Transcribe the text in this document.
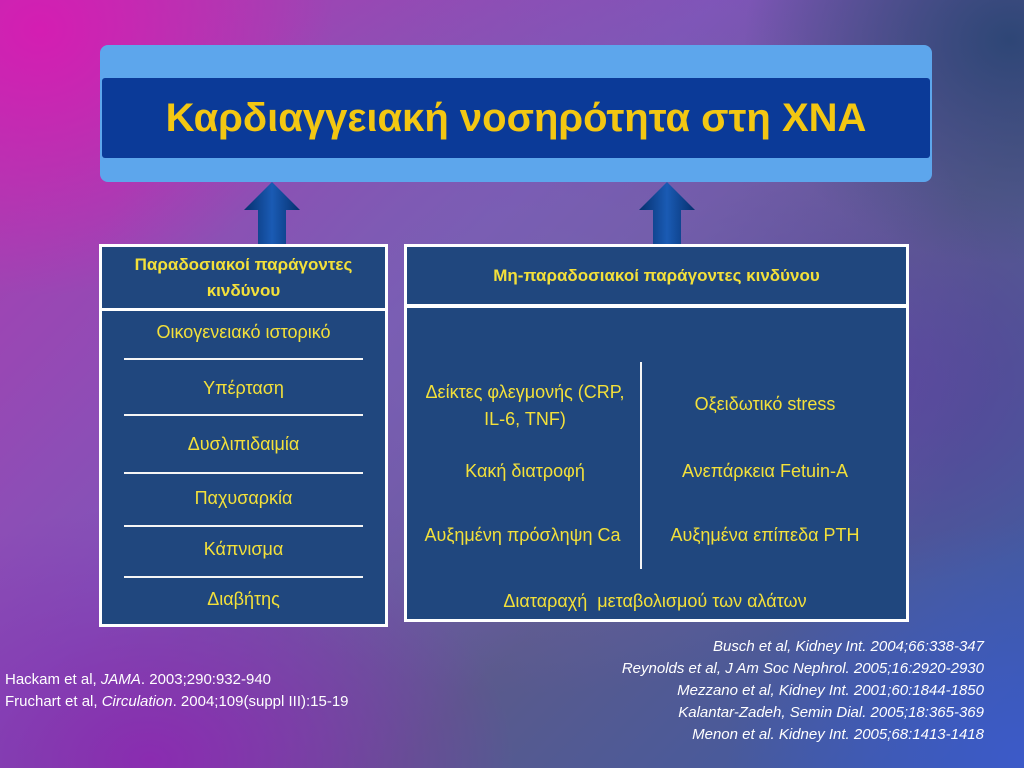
Καρδιαγγειακή νοσηρότητα στη ΧΝΑ
Παραδοσιακοί παράγοντες κινδύνου
Οικογενειακό ιστορικό
Υπέρταση
Δυσλιπιδαιμία
Παχυσαρκία
Κάπνισμα
Διαβήτης
Μη-παραδοσιακοί παράγοντες κινδύνου
Δείκτες φλεγμονής (CRP, IL-6, TNF)
Οξειδωτικό stress
Κακή διατροφή	Ανεπάρκεια Fetuin-A
Αυξημένη πρόσληψη Ca	Αυξημένα επίπεδα PTH
Διαταραχή  μεταβολισμού των αλάτων
Hackam et al, JAMA. 2003;290:932-940
Fruchart et al, Circulation. 2004;109(suppl III):15-19
Busch et al, Kidney Int. 2004;66:338-347
Reynolds et al, J Am Soc Nephrol. 2005;16:2920-2930
Mezzano et al, Kidney Int. 2001;60:1844-1850
Kalantar-Zadeh, Semin Dial. 2005;18:365-369
Menon et al. Kidney Int. 2005;68:1413-1418
